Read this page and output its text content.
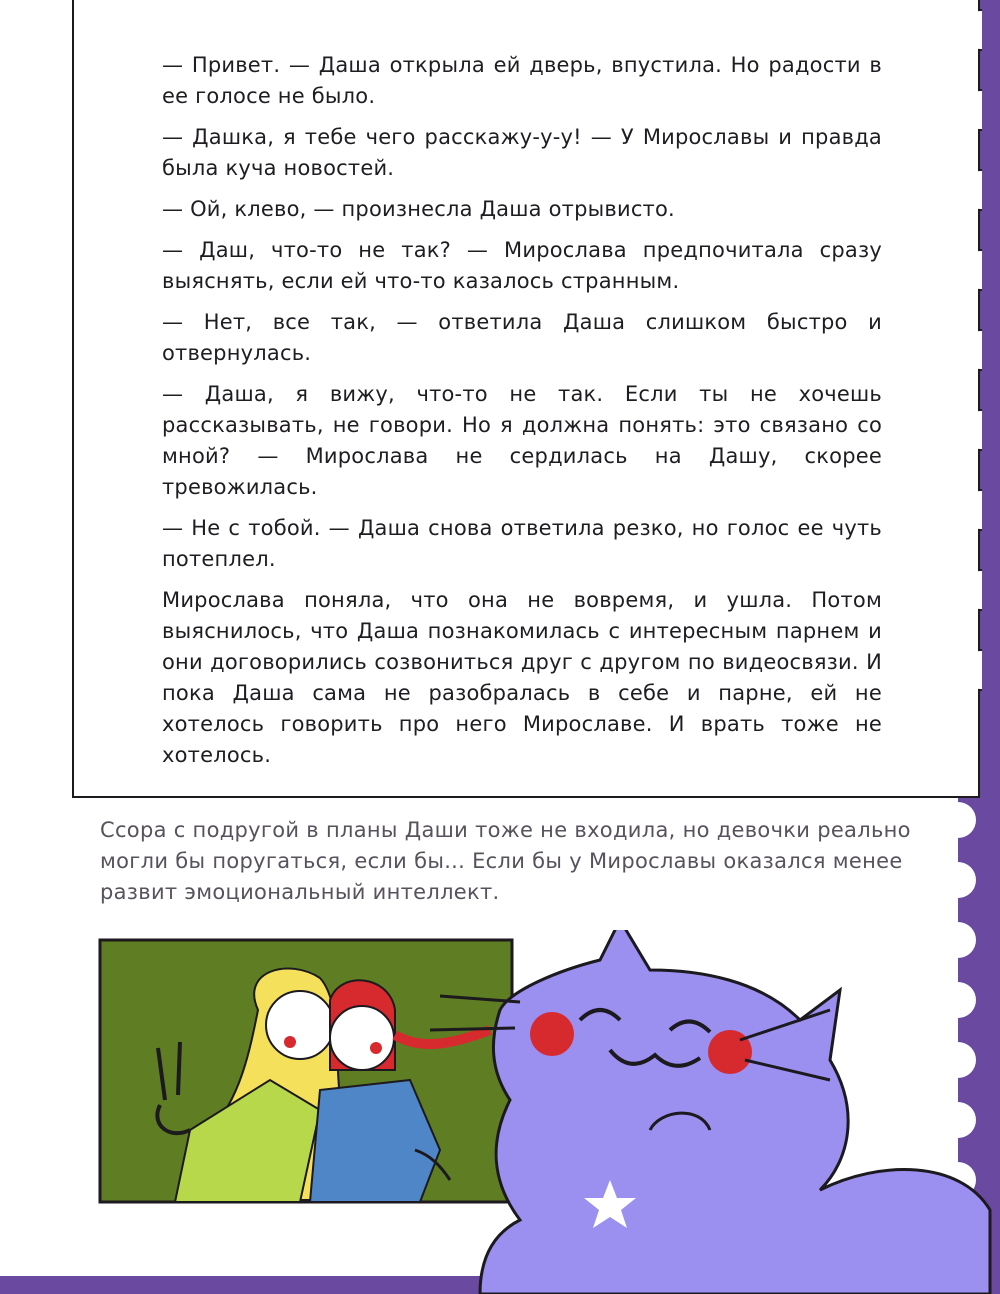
— Привет. — Даша открыла ей дверь, впустила. Но радости в ее голосе не было.

— Дашка, я тебе чего расскажу-у-у! — У Мирославы и правда была куча новостей.

— Ой, клево, — произнесла Даша отрывисто.

— Даш, что-то не так? — Мирослава предпочитала сразу выяснять, если ей что-то казалось странным.

— Нет, все так, — ответила Даша слишком быстро и отвернулась.

— Даша, я вижу, что-то не так. Если ты не хочешь рассказывать, не говори. Но я должна понять: это связано со мной? — Мирослава не сердилась на Дашу, скорее тревожилась.

— Не с тобой. — Даша снова ответила резко, но голос ее чуть потеплел.

Мирослава поняла, что она не вовремя, и ушла. Потом выяснилось, что Даша познакомилась с интересным парнем и они договорились созвониться друг с другом по видеосвязи. И пока Даша сама не разобралась в себе и парне, ей не хотелось говорить про него Мирославе. И врать тоже не хотелось.

Ссора с подругой в планы Даши тоже не входила, но девочки реально могли бы поругаться, если бы... Если бы у Мирославы оказался менее развит эмоциональный интеллект.
